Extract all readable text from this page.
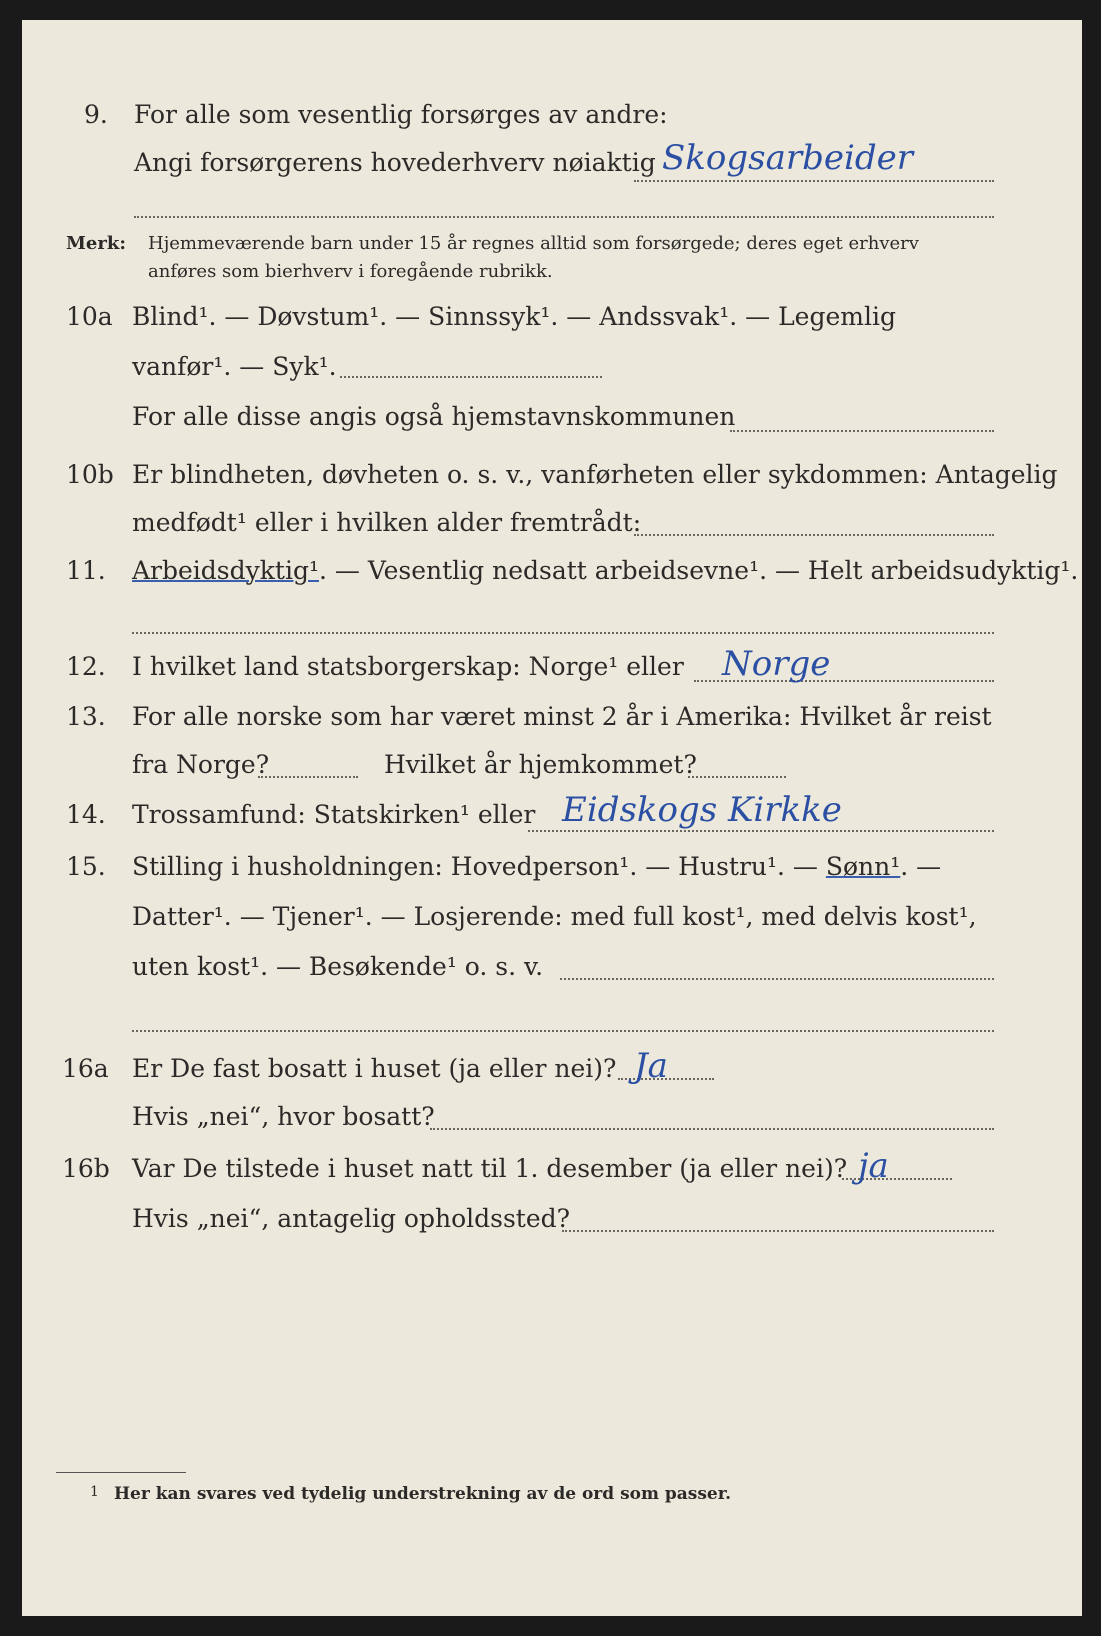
9. For alle som vesentlig forsørges av andre:
Angi forsørgerens hovederhverv nøiaktig Skogsarbeider
Merk: Hjemmeværende barn under 15 år regnes alltid som forsørgede; deres eget erhverv
anføres som bierhverv i foregående rubrikk.
10a Blind¹. — Døvstum¹. — Sinnssyk¹. — Andssvak¹. — Legemlig
vanfør¹. — Syk¹.
For alle disse angis også hjemstavnskommunen
10b Er blindheten, døvheten o. s. v., vanførheten eller sykdommen: Antagelig
medfødt¹ eller i hvilken alder fremtrådt:
11. Arbeidsdyktig¹. — Vesentlig nedsatt arbeidsevne¹. — Helt arbeidsudyktig¹.
12. I hvilket land statsborgerskap: Norge¹ eller Norge
13. For alle norske som har været minst 2 år i Amerika: Hvilket år reist
fra Norge?	Hvilket år hjemkommet?
14. Trossamfund: Statskirken¹ eller Eidskogs Kirkke
15. Stilling i husholdningen: Hovedperson¹. — Hustru¹. — Sønn¹. —
Datter¹. — Tjener¹. — Losjerende: med full kost¹, med delvis kost¹,
uten kost¹. — Besøkende¹ o. s. v.
16a Er De fast bosatt i huset (ja eller nei)? Ja
Hvis „nei“, hvor bosatt?
16b Var De tilstede i huset natt til 1. desember (ja eller nei)? ja
Hvis „nei“, antagelig opholdssted?
1 Her kan svares ved tydelig understrekning av de ord som passer.
